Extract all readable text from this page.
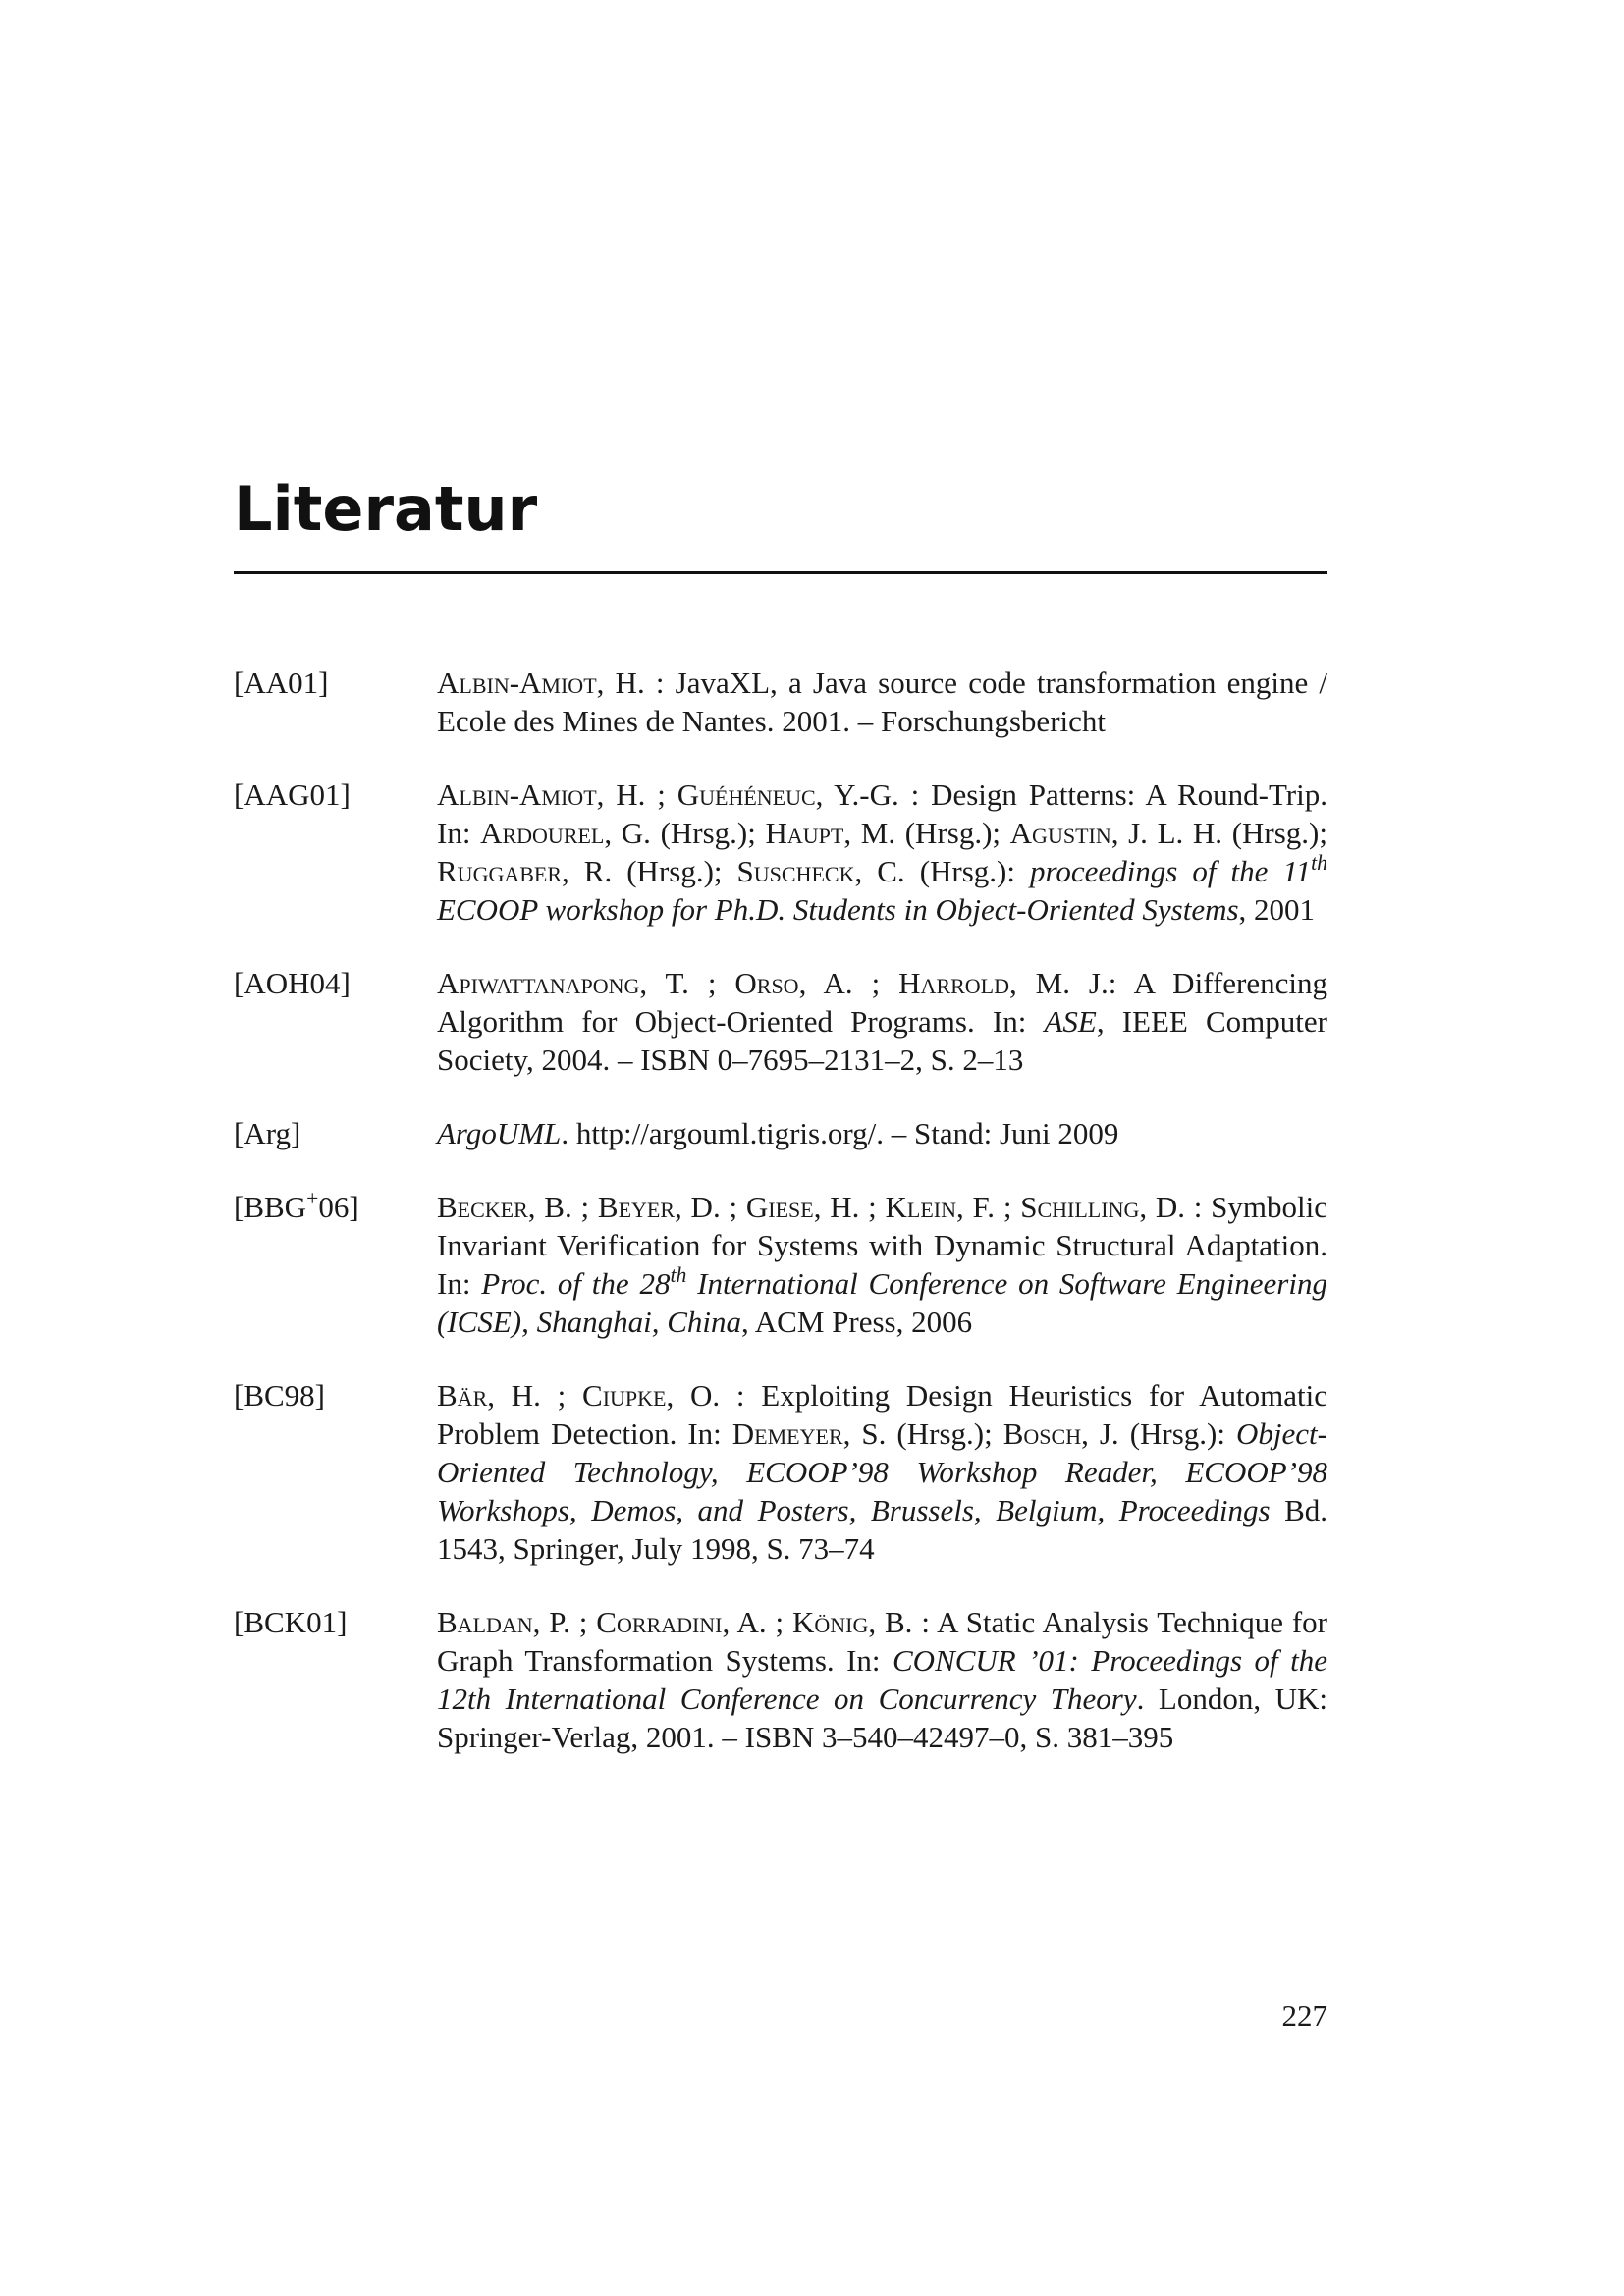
Literatur
[AA01]	Albin-Amiot, H. : JavaXL, a Java source code transformation engine / Ecole des Mines de Nantes. 2001. – Forschungsbericht
[AAG01]	Albin-Amiot, H. ; Guéhéneuc, Y.-G. : Design Patterns: A Round-Trip. In: Ardourel, G. (Hrsg.); Haupt, M. (Hrsg.); Agustin, J. L. H. (Hrsg.); Ruggaber, R. (Hrsg.); Suscheck, C. (Hrsg.): proceedings of the 11th ECOOP workshop for Ph.D. Students in Object-Oriented Systems, 2001
[AOH04]	Apiwattanapong, T. ; Orso, A. ; Harrold, M. J.: A Differencing Algorithm for Object-Oriented Programs. In: ASE, IEEE Computer Society, 2004. – ISBN 0–7695–2131–2, S. 2–13
[Arg]	ArgoUML. http://argouml.tigris.org/. – Stand: Juni 2009
[BBG+06]	Becker, B. ; Beyer, D. ; Giese, H. ; Klein, F. ; Schilling, D. : Symbolic Invariant Verification for Systems with Dynamic Structural Adaptation. In: Proc. of the 28th International Conference on Software Engineering (ICSE), Shanghai, China, ACM Press, 2006
[BC98]	Bär, H. ; Ciupke, O. : Exploiting Design Heuristics for Automatic Problem Detection. In: Demeyer, S. (Hrsg.); Bosch, J. (Hrsg.): Object-Oriented Technology, ECOOP’98 Workshop Reader, ECOOP’98 Workshops, Demos, and Posters, Brussels, Belgium, Proceedings Bd. 1543, Springer, July 1998, S. 73–74
[BCK01]	Baldan, P. ; Corradini, A. ; König, B. : A Static Analysis Technique for Graph Transformation Systems. In: CONCUR ’01: Proceedings of the 12th International Conference on Concurrency Theory. London, UK: Springer-Verlag, 2001. – ISBN 3–540–42497–0, S. 381–395
227
